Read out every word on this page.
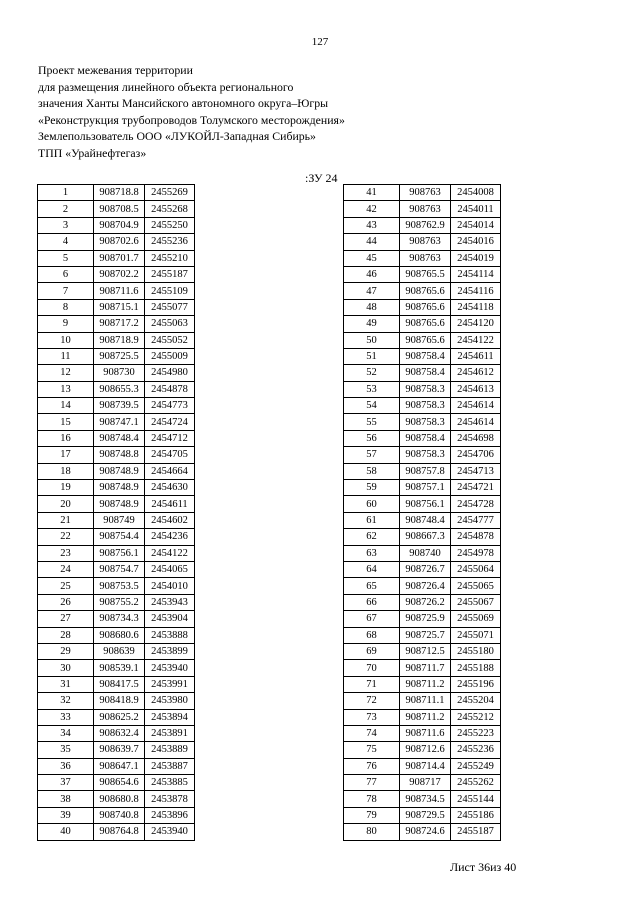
127
Проект межевания территории
для размещения линейного объекта регионального
значения Ханты Мансийского автономного округа–Югры
«Реконструкция трубопроводов Толумского месторождения»
Землепользователь ООО «ЛУКОЙЛ-Западная Сибирь»
ТПП «Урайнефтегаз»
:ЗУ 24
1	908718.8	2455269
2	908708.5	2455268
3	908704.9	2455250
4	908702.6	2455236
5	908701.7	2455210
6	908702.2	2455187
7	908711.6	2455109
8	908715.1	2455077
9	908717.2	2455063
10	908718.9	2455052
11	908725.5	2455009
12	908730	2454980
13	908655.3	2454878
14	908739.5	2454773
15	908747.1	2454724
16	908748.4	2454712
17	908748.8	2454705
18	908748.9	2454664
19	908748.9	2454630
20	908748.9	2454611
21	908749	2454602
22	908754.4	2454236
23	908756.1	2454122
24	908754.7	2454065
25	908753.5	2454010
26	908755.2	2453943
27	908734.3	2453904
28	908680.6	2453888
29	908639	2453899
30	908539.1	2453940
31	908417.5	2453991
32	908418.9	2453980
33	908625.2	2453894
34	908632.4	2453891
35	908639.7	2453889
36	908647.1	2453887
37	908654.6	2453885
38	908680.8	2453878
39	908740.8	2453896
40	908764.8	2453940
41	908763	2454008
42	908763	2454011
43	908762.9	2454014
44	908763	2454016
45	908763	2454019
46	908765.5	2454114
47	908765.6	2454116
48	908765.6	2454118
49	908765.6	2454120
50	908765.6	2454122
51	908758.4	2454611
52	908758.4	2454612
53	908758.3	2454613
54	908758.3	2454614
55	908758.3	2454614
56	908758.4	2454698
57	908758.3	2454706
58	908757.8	2454713
59	908757.1	2454721
60	908756.1	2454728
61	908748.4	2454777
62	908667.3	2454878
63	908740	2454978
64	908726.7	2455064
65	908726.4	2455065
66	908726.2	2455067
67	908725.9	2455069
68	908725.7	2455071
69	908712.5	2455180
70	908711.7	2455188
71	908711.2	2455196
72	908711.1	2455204
73	908711.2	2455212
74	908711.6	2455223
75	908712.6	2455236
76	908714.4	2455249
77	908717	2455262
78	908734.5	2455144
79	908729.5	2455186
80	908724.6	2455187
Лист 36из 40
